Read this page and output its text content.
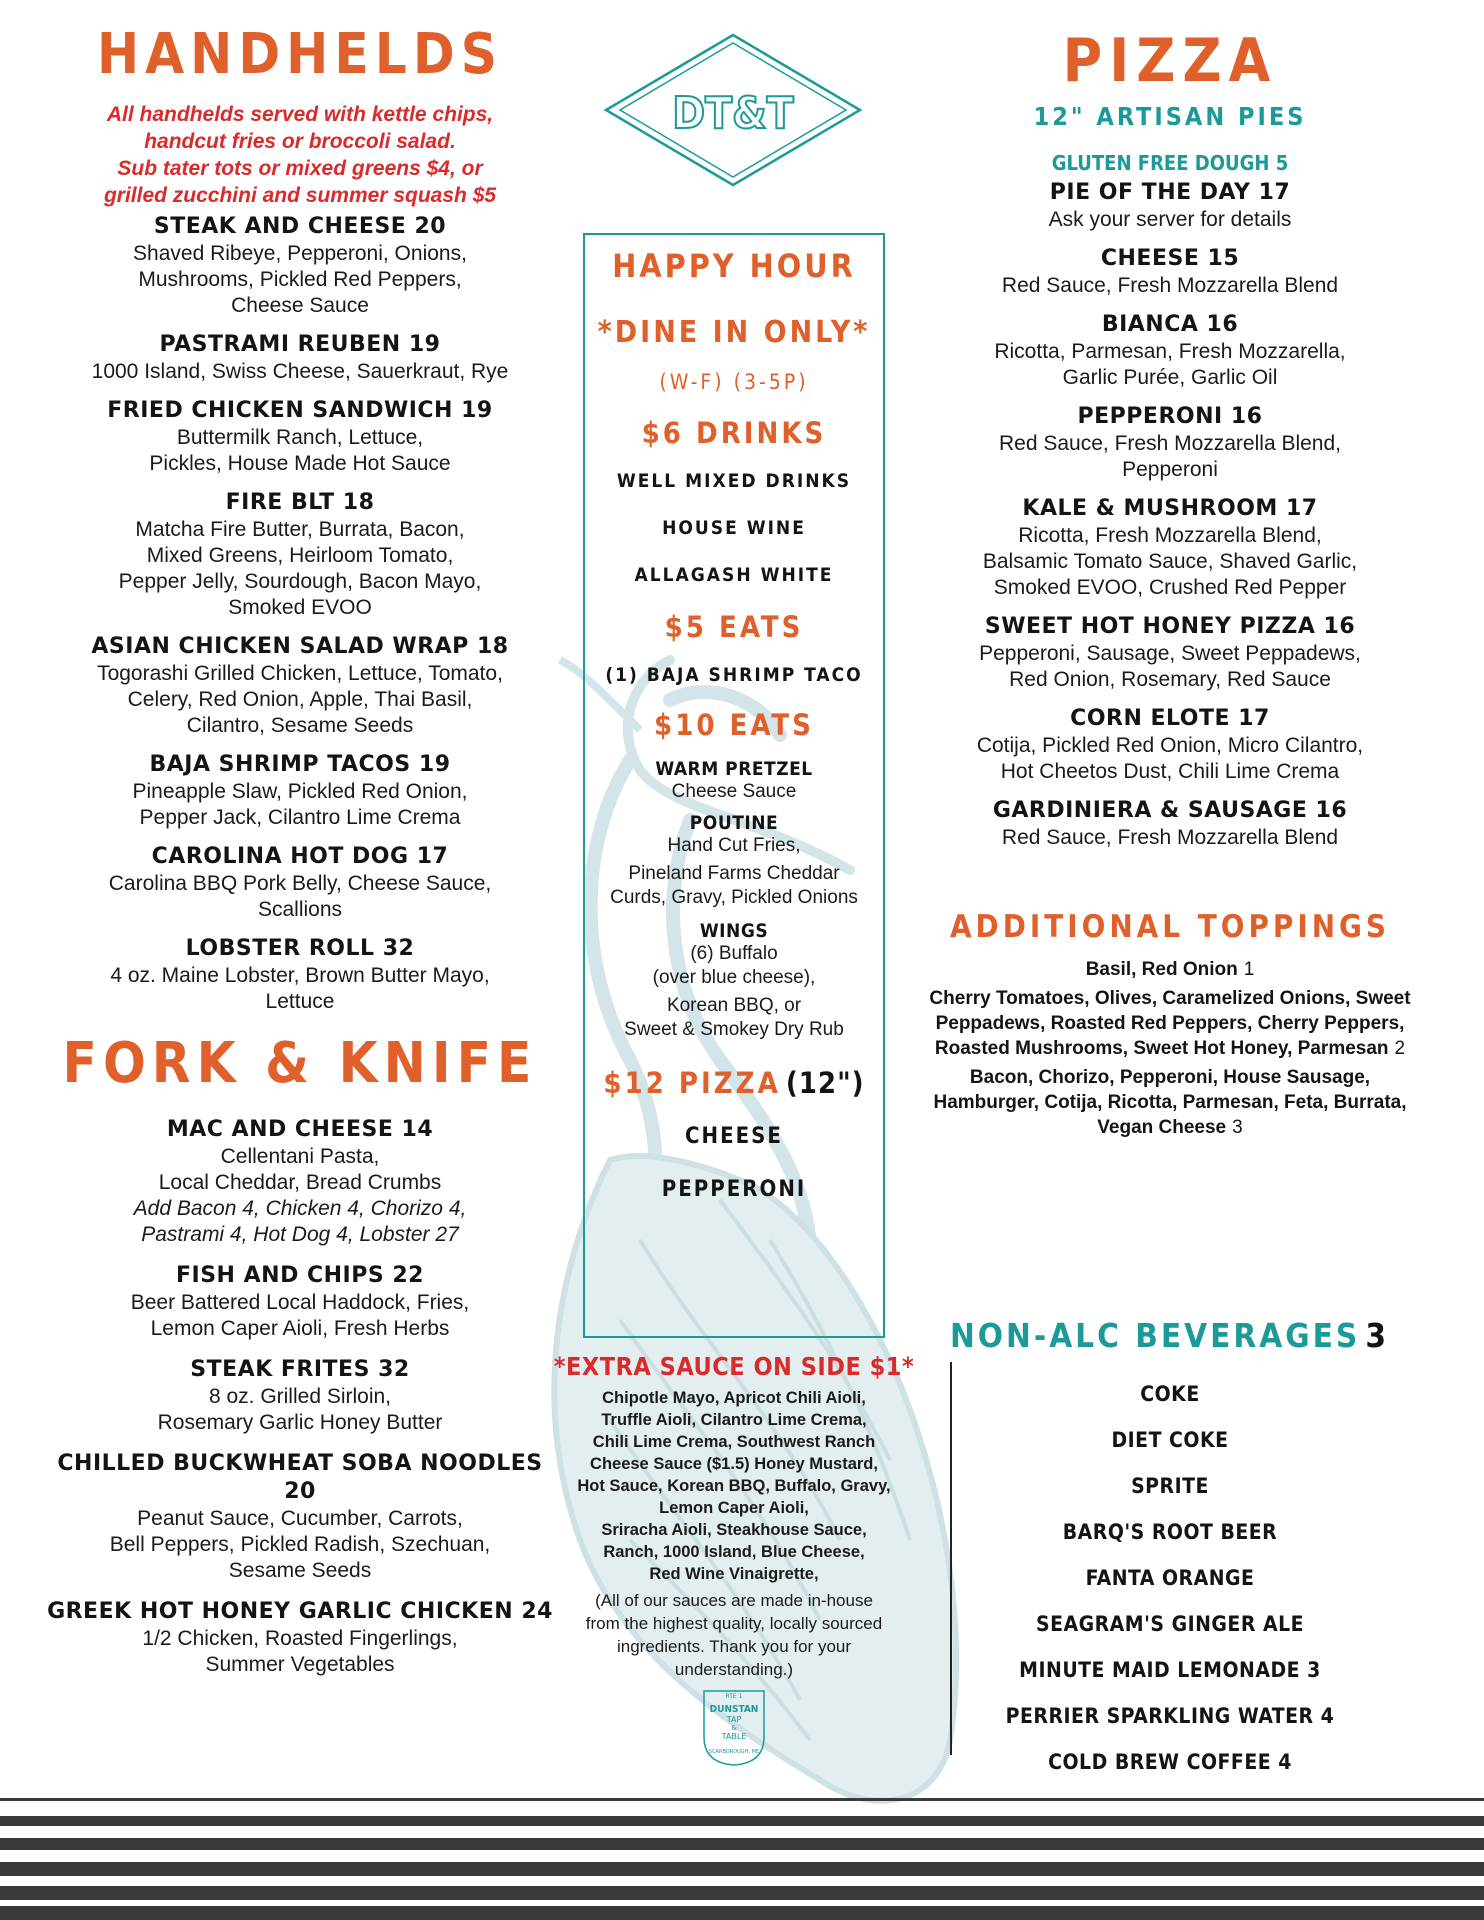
HANDHELDS

All handhelds served with kettle chips,

handcut fries or broccoli salad.

Sub tater tots or mixed greens $4, or

grilled zucchini and summer squash $5

STEAK AND CHEESE 20

Shaved Ribeye, Pepperoni, Onions,

Mushrooms, Pickled Red Peppers,

Cheese Sauce

PASTRAMI REUBEN 19

1000 Island, Swiss Cheese, Sauerkraut, Rye

FRIED CHICKEN SANDWICH 19

Buttermilk Ranch, Lettuce,

Pickles, House Made Hot Sauce

FIRE BLT 18

Matcha Fire Butter, Burrata, Bacon,

Mixed Greens, Heirloom Tomato,

Pepper Jelly, Sourdough, Bacon Mayo,

Smoked EVOO

ASIAN CHICKEN SALAD WRAP 18

Togorashi Grilled Chicken, Lettuce, Tomato,

Celery, Red Onion, Apple, Thai Basil,

Cilantro, Sesame Seeds

BAJA SHRIMP TACOS 19

Pineapple Slaw, Pickled Red Onion,

Pepper Jack, Cilantro Lime Crema

CAROLINA HOT DOG 17

Carolina BBQ Pork Belly, Cheese Sauce,

Scallions

LOBSTER ROLL 32

4 oz. Maine Lobster, Brown Butter Mayo,

Lettuce

FORK & KNIFE

MAC AND CHEESE 14

Cellentani Pasta,

Local Cheddar, Bread Crumbs

Add Bacon 4, Chicken 4, Chorizo 4,

Pastrami 4, Hot Dog 4, Lobster 27

FISH AND CHIPS 22

Beer Battered Local Haddock, Fries,

Lemon Caper Aioli, Fresh Herbs

STEAK FRITES 32

8 oz. Grilled Sirloin,

Rosemary Garlic Honey Butter

CHILLED BUCKWHEAT SOBA NOODLES 20

Peanut Sauce, Cucumber, Carrots,

Bell Peppers, Pickled Radish, Szechuan,

Sesame Seeds

GREEK HOT HONEY GARLIC CHICKEN 24

1/2 Chicken, Roasted Fingerlings,

Summer Vegetables

DT&T

HAPPY HOUR

*DINE IN ONLY*

(W-F) (3-5P)

$6 DRINKS

WELL MIXED DRINKS

HOUSE WINE

ALLAGASH WHITE

$5 EATS

(1) BAJA SHRIMP TACO

$10 EATS

WARM PRETZEL

Cheese Sauce

POUTINE

Hand Cut Fries,

Pineland Farms Cheddar

Curds, Gravy, Pickled Onions

WINGS

(6) Buffalo

(over blue cheese),

Korean BBQ, or

Sweet & Smokey Dry Rub

$12 PIZZA (12")

CHEESE

PEPPERONI

*EXTRA SAUCE ON SIDE $1*

Chipotle Mayo, Apricot Chili Aioli,

Truffle Aioli, Cilantro Lime Crema,

Chili Lime Crema, Southwest Ranch

Cheese Sauce ($1.5) Honey Mustard,

Hot Sauce, Korean BBQ, Buffalo, Gravy,

Lemon Caper Aioli,

Sriracha Aioli, Steakhouse Sauce,

Ranch, 1000 Island, Blue Cheese,

Red Wine Vinaigrette,

(All of our sauces are made in-house

from the highest quality, locally sourced

ingredients. Thank you for your

understanding.)

RTE 1
DUNSTAN
TAP
&
TABLE
SCARBOROUGH, ME
PIZZA

12" ARTISAN PIES

GLUTEN FREE DOUGH 5

PIE OF THE DAY 17

Ask your server for details

CHEESE 15

Red Sauce, Fresh Mozzarella Blend

BIANCA 16

Ricotta, Parmesan, Fresh Mozzarella,

Garlic Purée, Garlic Oil

PEPPERONI 16

Red Sauce, Fresh Mozzarella Blend,

Pepperoni

KALE & MUSHROOM 17

Ricotta, Fresh Mozzarella Blend,

Balsamic Tomato Sauce, Shaved Garlic,

Smoked EVOO, Crushed Red Pepper

SWEET HOT HONEY PIZZA 16

Pepperoni, Sausage, Sweet Peppadews,

Red Onion, Rosemary, Red Sauce

CORN ELOTE 17

Cotija, Pickled Red Onion, Micro Cilantro,

Hot Cheetos Dust, Chili Lime Crema

GARDINIERA & SAUSAGE 16

Red Sauce, Fresh Mozzarella Blend

ADDITIONAL TOPPINGS

Basil, Red Onion 1

Cherry Tomatoes, Olives, Caramelized Onions, Sweet

Peppadews, Roasted Red Peppers, Cherry Peppers,

Roasted Mushrooms, Sweet Hot Honey, Parmesan 2

Bacon, Chorizo, Pepperoni, House Sausage,

Hamburger, Cotija, Ricotta, Parmesan, Feta, Burrata,

Vegan Cheese 3

NON-ALC BEVERAGES 3

COKE

DIET COKE

SPRITE

BARQ'S ROOT BEER

FANTA ORANGE

SEAGRAM'S GINGER ALE

MINUTE MAID LEMONADE 3

PERRIER SPARKLING WATER 4

COLD BREW COFFEE 4
